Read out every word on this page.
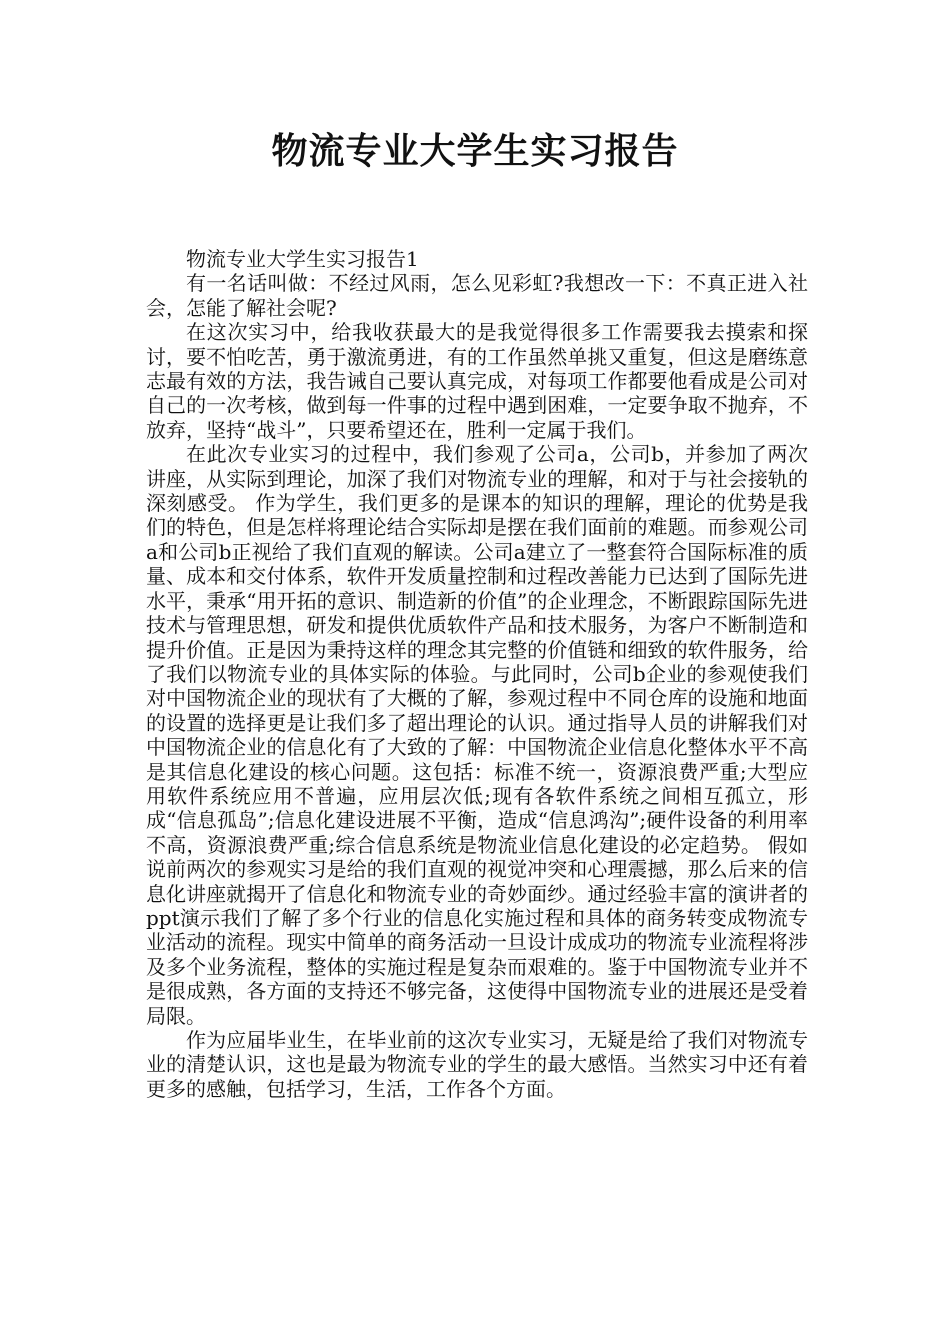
物流专业大学生实习报告

物流专业大学生实习报告1

有一名话叫做：不经过风雨，怎么见彩虹?我想改一下：不真正进入社会，怎能了解社会呢?

在这次实习中，给我收获最大的是我觉得很多工作需要我去摸索和探讨，要不怕吃苦，勇于激流勇进，有的工作虽然单挑又重复，但这是磨练意志最有效的方法，我告诫自己要认真完成，对每项工作都要他看成是公司对自己的一次考核，做到每一件事的过程中遇到困难，一定要争取不抛弃，不放弃，坚持“战斗”，只要希望还在，胜利一定属于我们。

在此次专业实习的过程中，我们参观了公司a，公司b，并参加了两次讲座，从实际到理论，加深了我们对物流专业的理解，和对于与社会接轨的深刻感受。 作为学生，我们更多的是课本的知识的理解，理论的优势是我们的特色，但是怎样将理论结合实际却是摆在我们面前的难题。而参观公司a和公司b正视给了我们直观的解读。公司a建立了一整套符合国际标准的质量、成本和交付体系，软件开发质量控制和过程改善能力已达到了国际先进水平，秉承“用开拓的意识、制造新的价值”的企业理念，不断跟踪国际先进技术与管理思想，研发和提供优质软件产品和技术服务，为客户不断制造和提升价值。正是因为秉持这样的理念其完整的价值链和细致的软件服务，给了我们以物流专业的具体实际的体验。与此同时，公司b企业的参观使我们对中国物流企业的现状有了大概的了解，参观过程中不同仓库的设施和地面的设置的选择更是让我们多了超出理论的认识。通过指导人员的讲解我们对中国物流企业的信息化有了大致的了解：中国物流企业信息化整体水平不高是其信息化建设的核心问题。这包括：标准不统一，资源浪费严重;大型应用软件系统应用不普遍，应用层次低;现有各软件系统之间相互孤立，形成“信息孤岛”;信息化建设进展不平衡，造成“信息鸿沟”;硬件设备的利用率不高，资源浪费严重;综合信息系统是物流业信息化建设的必定趋势。 假如说前两次的参观实习是给的我们直观的视觉冲突和心理震撼，那么后来的信息化讲座就揭开了信息化和物流专业的奇妙面纱。通过经验丰富的演讲者的ppt演示我们了解了多个行业的信息化实施过程和具体的商务转变成物流专业活动的流程。现实中简单的商务活动一旦设计成成功的物流专业流程将涉及多个业务流程，整体的实施过程是复杂而艰难的。鉴于中国物流专业并不是很成熟，各方面的支持还不够完备，这使得中国物流专业的进展还是受着局限。

作为应届毕业生，在毕业前的这次专业实习，无疑是给了我们对物流专业的清楚认识，这也是最为物流专业的学生的最大感悟。当然实习中还有着更多的感触，包括学习，生活，工作各个方面。
